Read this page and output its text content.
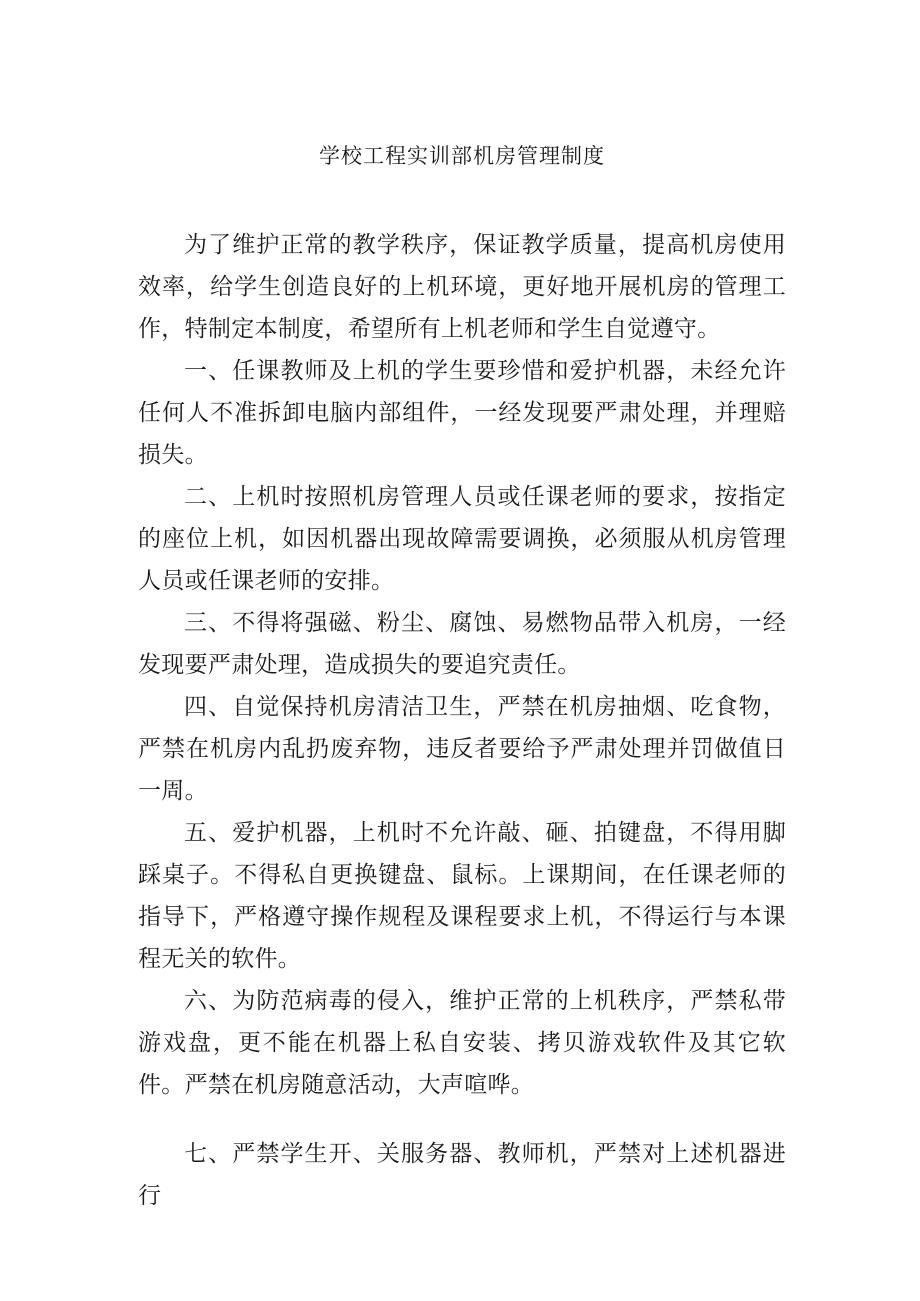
学校工程实训部机房管理制度

为了维护正常的教学秩序，保证教学质量，提高机房使用效率，给学生创造良好的上机环境，更好地开展机房的管理工作，特制定本制度，希望所有上机老师和学生自觉遵守。

一、任课教师及上机的学生要珍惜和爱护机器，未经允许任何人不准拆卸电脑内部组件，一经发现要严肃处理，并理赔损失。

二、上机时按照机房管理人员或任课老师的要求，按指定的座位上机，如因机器出现故障需要调换，必须服从机房管理人员或任课老师的安排。

三、不得将强磁、粉尘、腐蚀、易燃物品带入机房，一经发现要严肃处理，造成损失的要追究责任。

四、自觉保持机房清洁卫生，严禁在机房抽烟、吃食物，严禁在机房内乱扔废弃物，违反者要给予严肃处理并罚做值日一周。

五、爱护机器，上机时不允许敲、砸、拍键盘，不得用脚踩桌子。不得私自更换键盘、鼠标。上课期间，在任课老师的指导下，严格遵守操作规程及课程要求上机，不得运行与本课程无关的软件。

六、为防范病毒的侵入，维护正常的上机秩序，严禁私带游戏盘，更不能在机器上私自安装、拷贝游戏软件及其它软件。严禁在机房随意活动，大声喧哗。

七、严禁学生开、关服务器、教师机，严禁对上述机器进行
